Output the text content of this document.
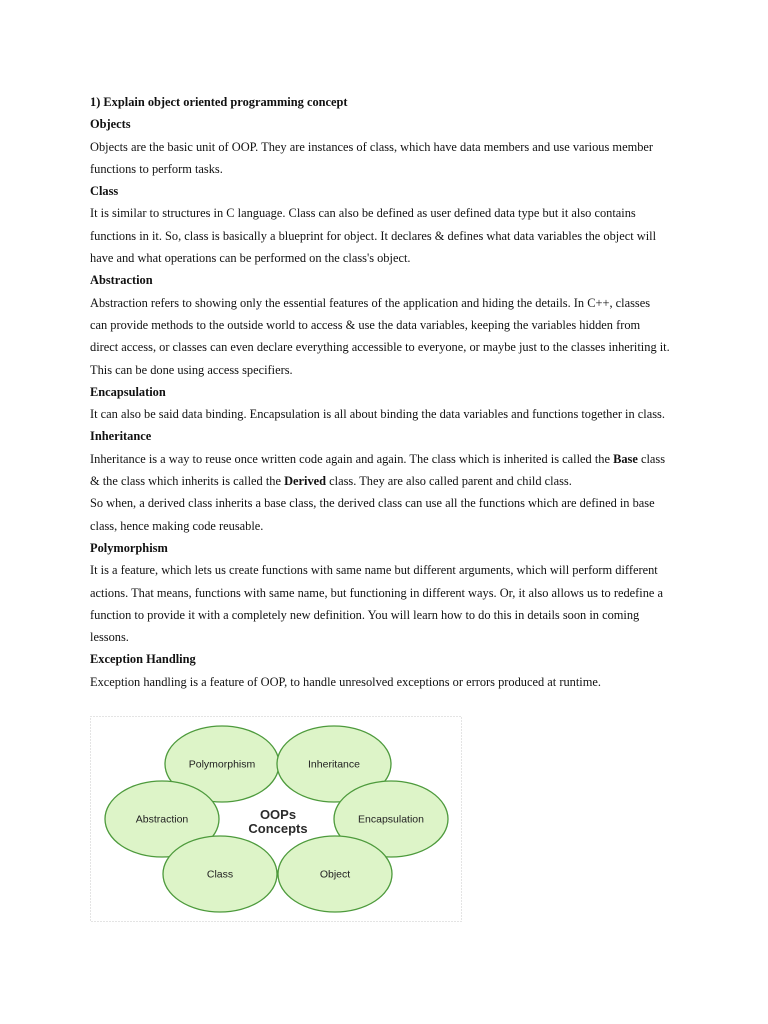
1) Explain object oriented programming concept

Objects

Objects are the basic unit of OOP. They are instances of class, which have data members and use various member

functions to perform tasks.

Class

It is similar to structures in C language. Class can also be defined as user defined data type but it also contains

functions in it. So, class is basically a blueprint for object. It declares & defines what data variables the object will

have and what operations can be performed on the class's object.

Abstraction

Abstraction refers to showing only the essential features of the application and hiding the details. In C++, classes

can provide methods to the outside world to access & use the data variables, keeping the variables hidden from

direct access, or classes can even declare everything accessible to everyone, or maybe just to the classes inheriting it.

This can be done using access specifiers.

Encapsulation

It can also be said data binding. Encapsulation is all about binding the data variables and functions together in class.

Inheritance

Inheritance is a way to reuse once written code again and again. The class which is inherited is called the Base class

& the class which inherits is called the Derived class. They are also called parent and child class.

So when, a derived class inherits a base class, the derived class can use all the functions which are defined in base

class, hence making code reusable.

Polymorphism

It is a feature, which lets us create functions with same name but different arguments, which will perform different

actions. That means, functions with same name, but functioning in different ways. Or, it also allows us to redefine a

function to provide it with a completely new definition. You will learn how to do this in details soon in coming

lessons.

Exception Handling

Exception handling is a feature of OOP, to handle unresolved exceptions or errors produced at runtime.

Polymorphism	Inheritance
Abstraction	Encapsulation
Class	Object
OOPs
Concepts
